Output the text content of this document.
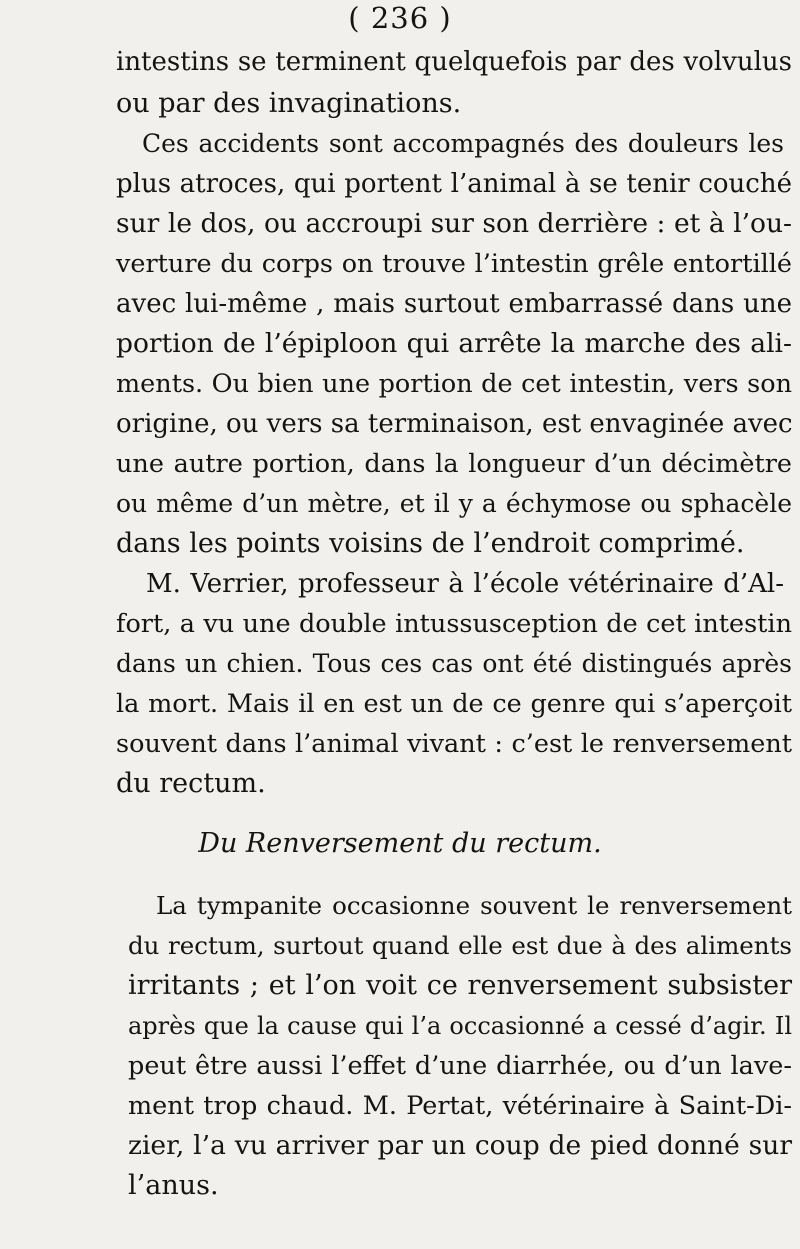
( 236 )
intestins se terminent quelquefois par des volvulus
ou par des invaginations.
Ces accidents sont accompagnés des douleurs les
plus atroces, qui portent l’animal à se tenir couché
sur le dos, ou accroupi sur son derrière : et à l’ou-
verture du corps on trouve l’intestin grêle entortillé
avec lui-même , mais surtout embarrassé dans une
portion de l’épiploon qui arrête la marche des ali-
ments. Ou bien une portion de cet intestin, vers son
origine, ou vers sa terminaison, est envaginée avec
une autre portion, dans la longueur d’un décimètre
ou même d’un mètre, et il y a échymose ou sphacèle
dans les points voisins de l’endroit comprimé.
M. Verrier, professeur à l’école vétérinaire d’Al-
fort, a vu une double intussusception de cet intestin
dans un chien. Tous ces cas ont été distingués après
la mort. Mais il en est un de ce genre qui s’aperçoit
souvent dans l’animal vivant : c’est le renversement
du rectum.
Du Renversement du rectum.
La tympanite occasionne souvent le renversement
du rectum, surtout quand elle est due à des aliments
irritants ; et l’on voit ce renversement subsister
après que la cause qui l’a occasionné a cessé d’agir. Il
peut être aussi l’effet d’une diarrhée, ou d’un lave-
ment trop chaud. M. Pertat, vétérinaire à Saint-Di-
zier, l’a vu arriver par un coup de pied donné sur
l’anus.
